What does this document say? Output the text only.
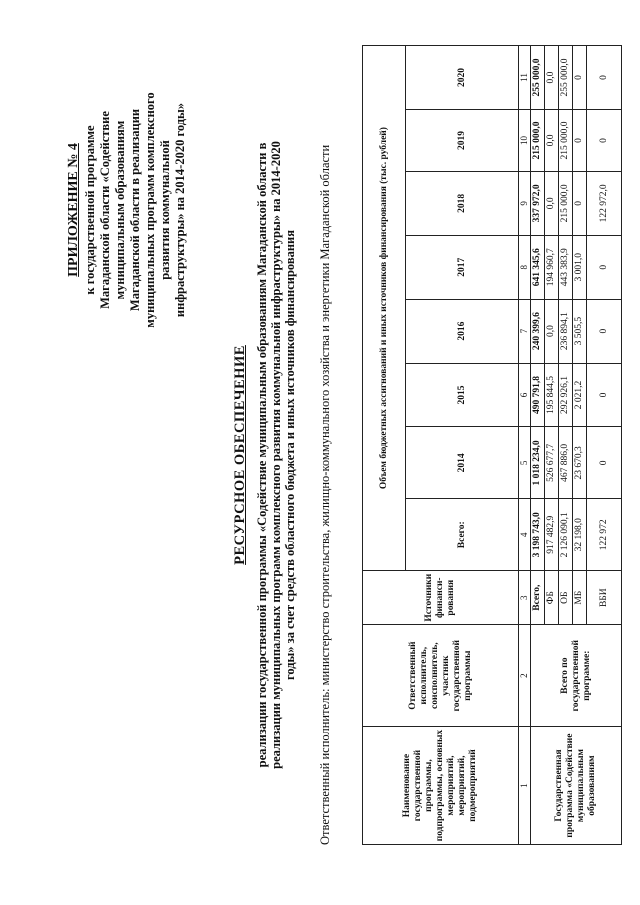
ПРИЛОЖЕНИЕ № 4 к государственной программе Магаданской области «Содействие муниципальным образованиям Магаданской области в реализации муниципальных программ комплексного развития коммунальной инфраструктуры» на 2014-2020 годы»
РЕСУРСНОЕ ОБЕСПЕЧЕНИЕ реализации государственной программы «Содействие муниципальным образованиям Магаданской области в реализации муниципальных программ комплексного развития коммунальной инфраструктуры» на 2014-2020 годы» за счет средств областного бюджета и иных источников финансирования Ответственный исполнитель: министерство строительства, жилищно-коммунального хозяйства и энергетики Магаданской области	Наименование государственной программы, подпрограммы, основных мероприятий, мероприятий, подмероприятий	Ответственный исполнитель, соисполнитель, участник государственной программы	Источники финанси- рования	Объем бюджетных ассигнований и иных источников финансирования (тыс. рублей)							
			Всего:	2014	2015	2016	2017	2018	2019	2020
1	2	3	4	5	6	7	8	9	10	11
Государственная программа «Содействие муниципальным образованиям	Всего по государственной программе:	Всего,	3 198 743,0	1 018 234,0	490 791,8	240 399,6	641 345,6	337 972,0	215 000,0	255 000,0
		ФБ	917 482,9	526 677,7	195 844,5	0,0	194 960,7	0,0	0,0	0,0
		ОБ	2 126 090,1	467 886,0	292 926,1	236 894,1	443 383,9	215 000,0	215 000,0	255 000,0
		МБ	32 198,0	23 670,3	2 021,2	3 505,5	3 001,0	0	0	0
		ВБИ	122 972	0	0	0	0	122 972,0	0	0
